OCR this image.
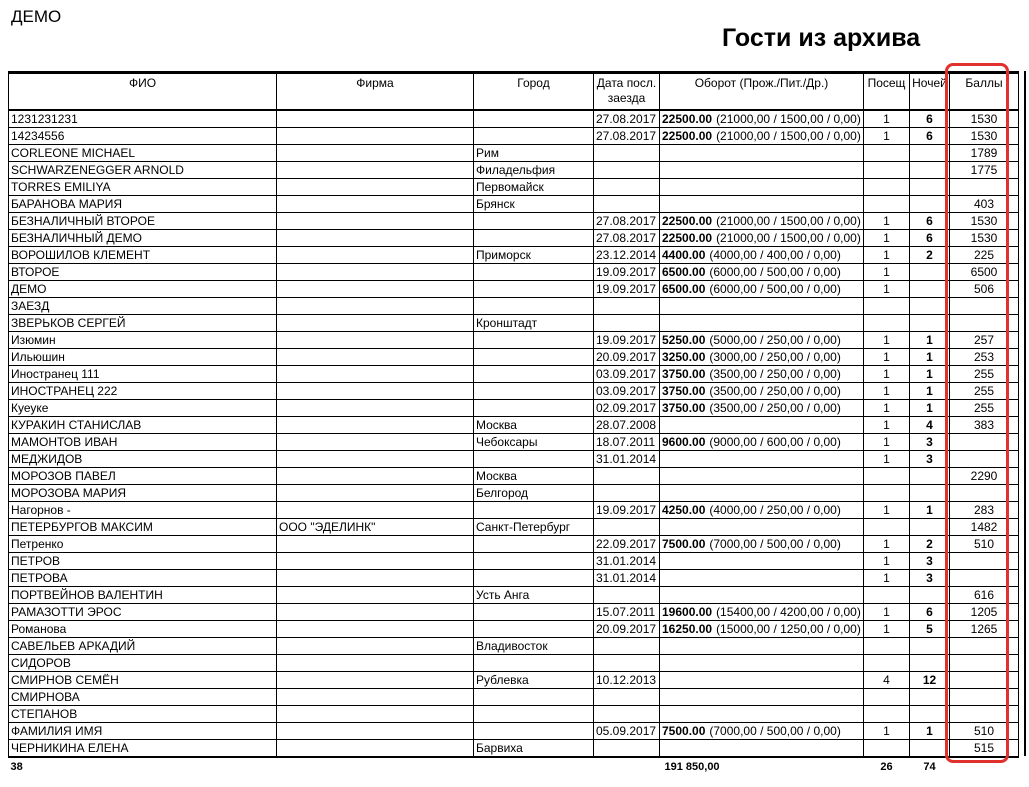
ДЕМО
Гости из архива
ФИО	Фирма	Город	Дата посл. заезда	Оборот (Прож./Пит./Др.)	Посещ	Ночей	Баллы
1231231231			27.08.2017	22500.00 (21000,00 / 1500,00 / 0,00)	1	6	1530
14234556			27.08.2017	22500.00 (21000,00 / 1500,00 / 0,00)	1	6	1530
CORLEONE MICHAEL		Рим					1789
SCHWARZENEGGER ARNOLD		Филадельфия					1775
TORRES EMILIYA		Первомайск					
БАРАНОВА МАРИЯ		Брянск					403
БЕЗНАЛИЧНЫЙ ВТОРОЕ			27.08.2017	22500.00 (21000,00 / 1500,00 / 0,00)	1	6	1530
БЕЗНАЛИЧНЫЙ ДЕМО			27.08.2017	22500.00 (21000,00 / 1500,00 / 0,00)	1	6	1530
ВОРОШИЛОВ КЛЕМЕНТ		Приморск	23.12.2014	4400.00 (4000,00 / 400,00 / 0,00)	1	2	225
ВТОРОЕ			19.09.2017	6500.00 (6000,00 / 500,00 / 0,00)	1		6500
ДЕМО			19.09.2017	6500.00 (6000,00 / 500,00 / 0,00)	1		506
ЗАЕЗД							
ЗВЕРЬКОВ СЕРГЕЙ		Кронштадт					
Изюмин			19.09.2017	5250.00 (5000,00 / 250,00 / 0,00)	1	1	257
Ильюшин			20.09.2017	3250.00 (3000,00 / 250,00 / 0,00)	1	1	253
Иностранец 111			03.09.2017	3750.00 (3500,00 / 250,00 / 0,00)	1	1	255
ИНОСТРАНЕЦ 222			03.09.2017	3750.00 (3500,00 / 250,00 / 0,00)	1	1	255
Куеуке			02.09.2017	3750.00 (3500,00 / 250,00 / 0,00)	1	1	255
КУРАКИН СТАНИСЛАВ		Москва	28.07.2008		1	4	383
МАМОНТОВ ИВАН		Чебоксары	18.07.2011	9600.00 (9000,00 / 600,00 / 0,00)	1	3	
МЕДЖИДОВ			31.01.2014		1	3	
МОРОЗОВ ПАВЕЛ		Москва					2290
МОРОЗОВА МАРИЯ		Белгород					
Нагорнов -			19.09.2017	4250.00 (4000,00 / 250,00 / 0,00)	1	1	283
ПЕТЕРБУРГОВ МАКСИМ	ООО "ЭДЕЛИНК"	Санкт-Петербург					1482
Петренко			22.09.2017	7500.00 (7000,00 / 500,00 / 0,00)	1	2	510
ПЕТРОВ			31.01.2014		1	3	
ПЕТРОВА			31.01.2014		1	3	
ПОРТВЕЙНОВ ВАЛЕНТИН		Усть Анга					616
РАМАЗОТТИ ЭРОС			15.07.2011	19600.00 (15400,00 / 4200,00 / 0,00)	1	6	1205
Романова			20.09.2017	16250.00 (15000,00 / 1250,00 / 0,00)	1	5	1265
САВЕЛЬЕВ АРКАДИЙ		Владивосток					
СИДОРОВ							
СМИРНОВ СЕМЁН		Рублевка	10.12.2013		4	12	
СМИРНОВА							
СТЕПАНОВ							
ФАМИЛИЯ ИМЯ			05.09.2017	7500.00 (7000,00 / 500,00 / 0,00)	1	1	510
ЧЕРНИКИНА ЕЛЕНА		Барвиха					515
38				191 850,00	26	74	
